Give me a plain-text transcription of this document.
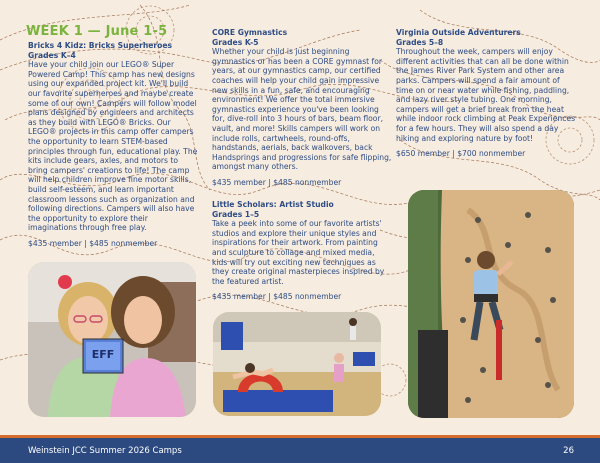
WEEK 1 — June 1-5

Bricks 4 Kidz: Bricks Superheroes

Grades K–4

Have your child join our LEGO® Super Powered Camp! This camp has new designs using our expanded project kit. We'll build our favorite superheroes and maybe create some of our own! Campers will follow model plans designed by engineers and architects as they build with LEGO® Bricks. Our LEGO® projects in this camp offer campers the opportunity to learn STEM-based principles through fun, educational play. The kits include gears, axles, and motors to bring campers' creations to life! The camp will help children improve fine motor skills, build self-esteem, and learn important classroom lessons such as organization and following directions. Campers will also have the opportunity to explore their imaginations through free play.

$435 member | $485 nonmember

CORE Gymnastics

Grades K-5

Whether your child is just beginning gymnastics or has been a CORE gymnast for years, at our gymnastics camp, our certified coaches will help your child gain impressive new skills in a fun, safe, and encouraging environment! We offer the total immersive gymnastics experience you've been looking for, dive-roll into 3 hours of bars, beam floor, vault, and more! Skills campers will work on include rolls, cartwheels, round-offs, handstands, aerials, back walkovers, back Handsprings and progressions for safe flipping, amongst many others.

$435 member | $485 nonmember

Little Scholars: Artist Studio

Grades 1–5

Take a peek into some of our favorite artists' studios and explore their unique styles and inspirations for their artwork. From painting and sculpture to collage and mixed media, kids will try out exciting new techniques as they create original masterpieces inspired by the featured artist.

$435 member | $485 nonmember

Virginia Outside Adventurers

Grades 5–8

Throughout the week, campers will enjoy different activities that can all be done within the James River Park System and other area parks. Campers will spend a fair amount of time on or near water while fishing, paddling, and lazy river style tubing. One morning, campers will get a brief break from the heat while indoor rock climbing at Peak Experiences for a few hours. They will also spend a day hiking and exploring nature by foot!

$650 member | $700 nonmember

EFF
Weinstein JCC Summer 2026 Camps	26
